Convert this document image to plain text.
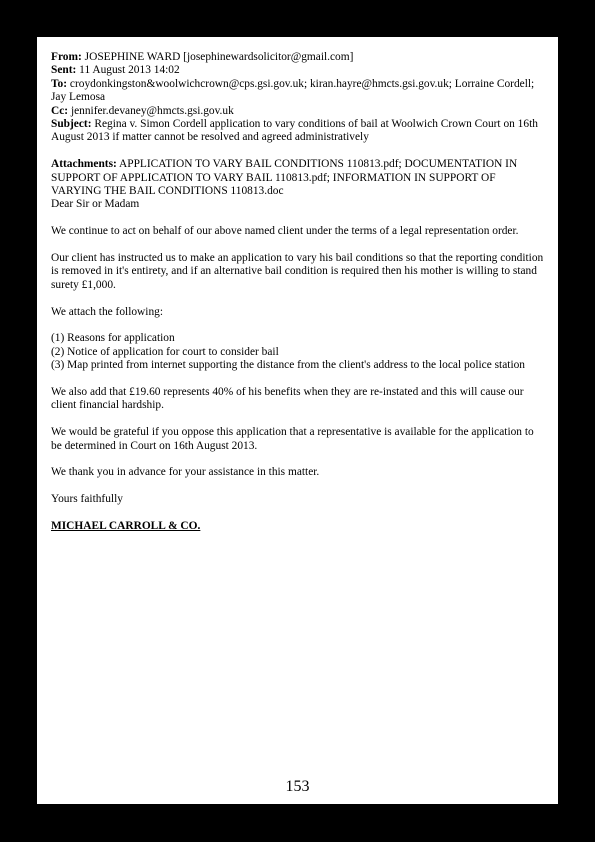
From: JOSEPHINE WARD [josephinewardsolicitor@gmail.com]

Sent: 11 August 2013 14:02

To: croydonkingston&woolwichcrown@cps.gsi.gov.uk; kiran.hayre@hmcts.gsi.gov.uk; Lorraine Cordell; Jay Lemosa

Cc: jennifer.devaney@hmcts.gsi.gov.uk

Subject: Regina v. Simon Cordell application to vary conditions of bail at Woolwich Crown Court on 16th August 2013 if matter cannot be resolved and agreed administratively

Attachments: APPLICATION TO VARY BAIL CONDITIONS 110813.pdf; DOCUMENTATION IN SUPPORT OF APPLICATION TO VARY BAIL 110813.pdf; INFORMATION IN SUPPORT OF VARYING THE BAIL CONDITIONS 110813.doc

Dear Sir or Madam

We continue to act on behalf of our above named client under the terms of a legal representation order.

Our client has instructed us to make an application to vary his bail conditions so that the reporting condition is removed in it's entirety, and if an alternative bail condition is required then his mother is willing to stand surety £1,000.

We attach the following:

(1) Reasons for application

(2) Notice of application for court to consider bail

(3) Map printed from internet supporting the distance from the client's address to the local police station

We also add that £19.60 represents 40% of his benefits when they are re-instated and this will cause our client financial hardship.

We would be grateful if you oppose this application that a representative is available for the application to be determined in Court on 16th August 2013.

We thank you in advance for your assistance in this matter.

Yours faithfully

MICHAEL CARROLL & CO.

153
